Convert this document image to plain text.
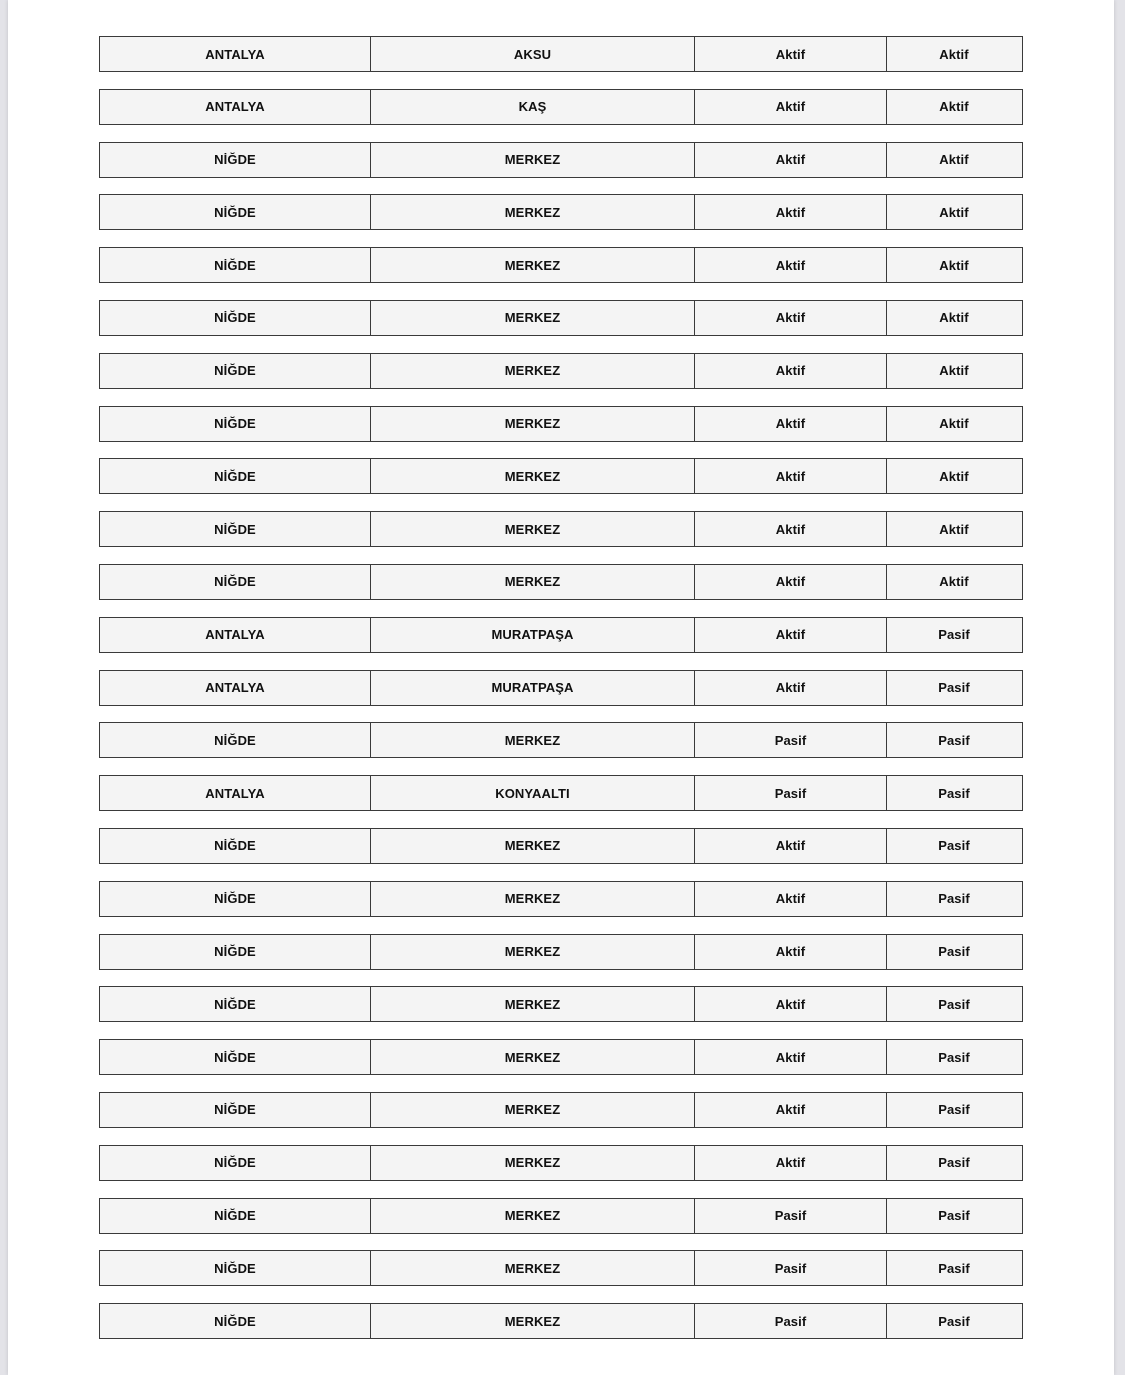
ANTALYA	AKSU	Aktif	Aktif
ANTALYA	KAŞ	Aktif	Aktif
NİĞDE	MERKEZ	Aktif	Aktif
NİĞDE	MERKEZ	Aktif	Aktif
NİĞDE	MERKEZ	Aktif	Aktif
NİĞDE	MERKEZ	Aktif	Aktif
NİĞDE	MERKEZ	Aktif	Aktif
NİĞDE	MERKEZ	Aktif	Aktif
NİĞDE	MERKEZ	Aktif	Aktif
NİĞDE	MERKEZ	Aktif	Aktif
NİĞDE	MERKEZ	Aktif	Aktif
ANTALYA	MURATPAŞA	Aktif	Pasif
ANTALYA	MURATPAŞA	Aktif	Pasif
NİĞDE	MERKEZ	Pasif	Pasif
ANTALYA	KONYAALTI	Pasif	Pasif
NİĞDE	MERKEZ	Aktif	Pasif
NİĞDE	MERKEZ	Aktif	Pasif
NİĞDE	MERKEZ	Aktif	Pasif
NİĞDE	MERKEZ	Aktif	Pasif
NİĞDE	MERKEZ	Aktif	Pasif
NİĞDE	MERKEZ	Aktif	Pasif
NİĞDE	MERKEZ	Aktif	Pasif
NİĞDE	MERKEZ	Pasif	Pasif
NİĞDE	MERKEZ	Pasif	Pasif
NİĞDE	MERKEZ	Pasif	Pasif
